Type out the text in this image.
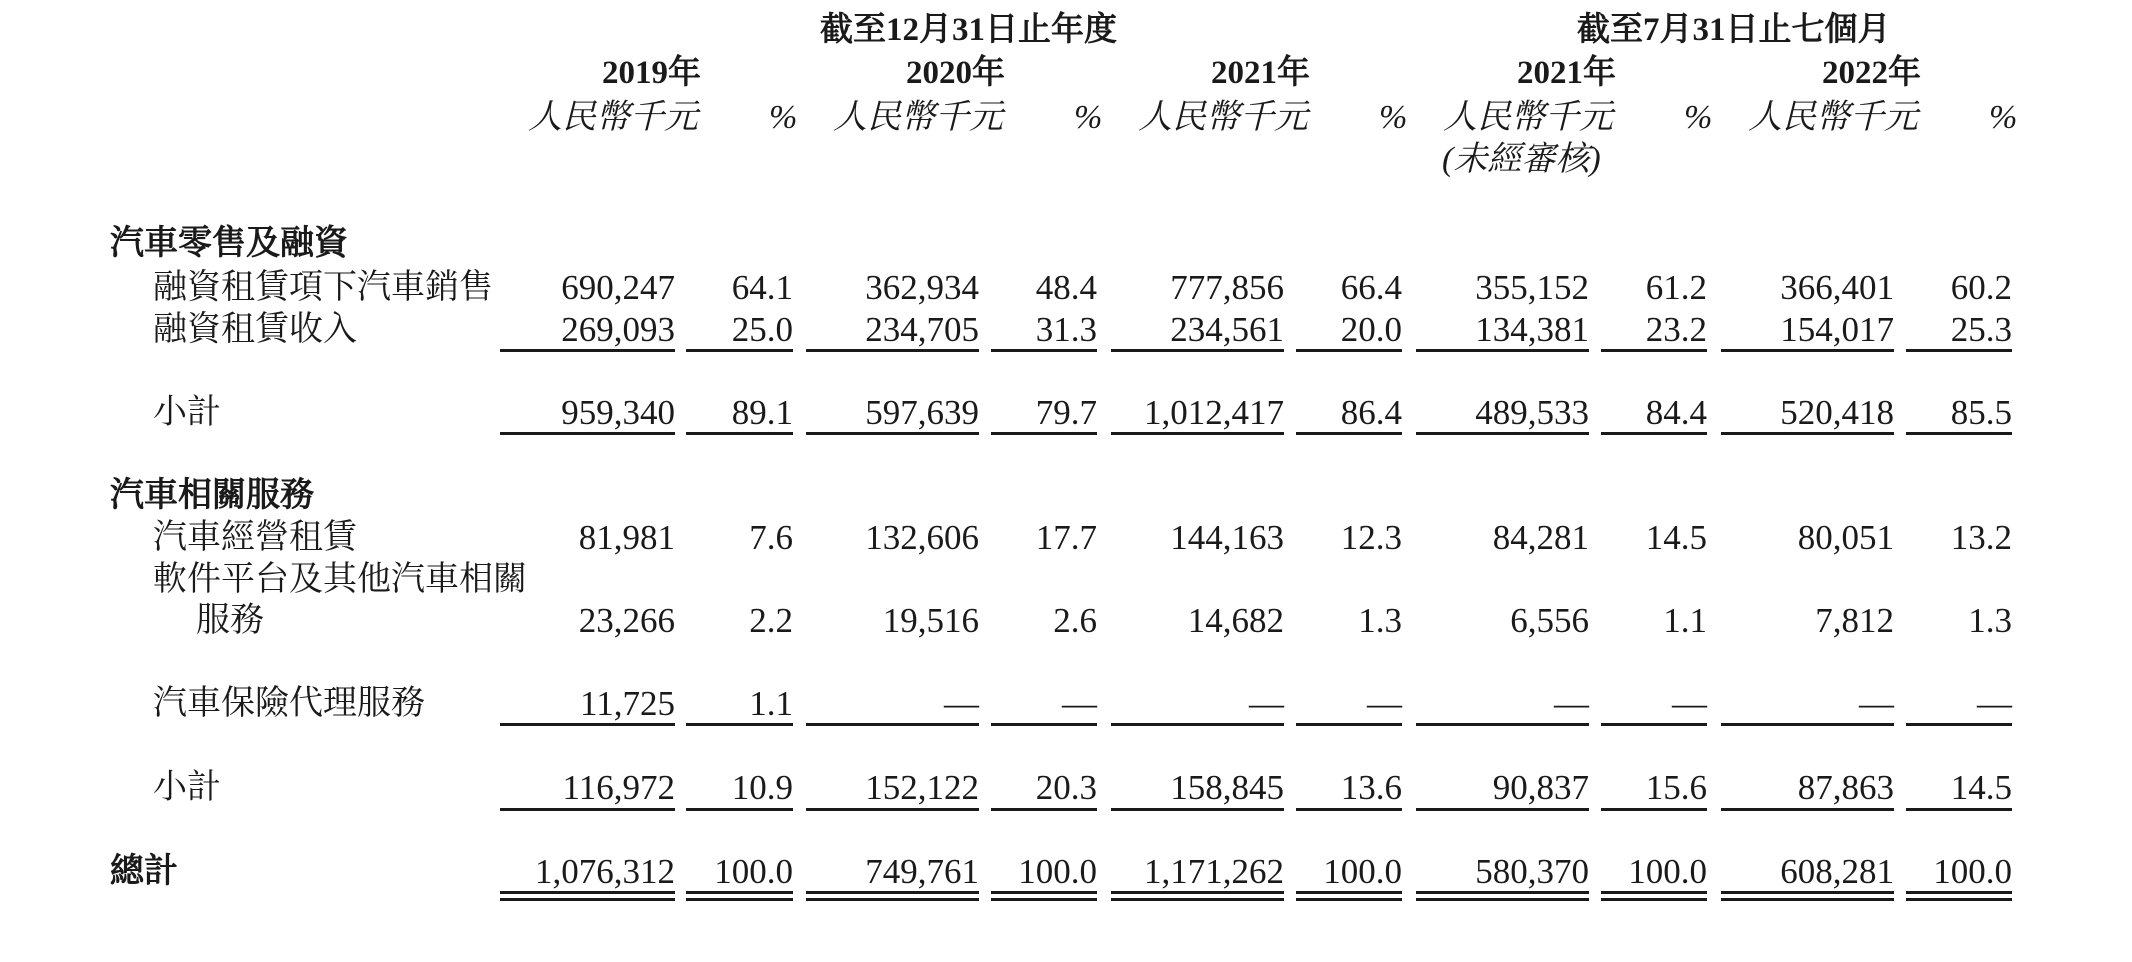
截至12月31日止年度	截至7月31日止七個月
2019年	2020年	2021年	2021年	2022年
人民幣千元 % 人民幣千元 % 人民幣千元 % 人民幣千元 % 人民幣千元 %
(未經審核)
汽車零售及融資
融資租賃項下汽車銷售 690,247 64.1 362,934 48.4 777,856 66.4 355,152 61.2 366,401 60.2
融資租賃收入	269,093 25.0 234,705 31.3 234,561 20.0 134,381 23.2 154,017 25.3
小計	959,340 89.1 597,639 79.7 1,012,417 86.4 489,533 84.4 520,418 85.5
汽車相關服務
汽車經營租賃	81,981 7.6 132,606 17.7 144,163 12.3	84,281 14.5	80,051 13.2
軟件平台及其他汽車相關
服務	23,266 2.2	19,516 2.6	14,682 1.3	6,556 1.1	7,812 1.3
汽車保險代理服務	11,725 1.1	— —	— —	— —	— —
小計	116,972 10.9 152,122 20.3 158,845 13.6	90,837 15.6	87,863 14.5
總計	1,076,312 100.0 749,761 100.0 1,171,262 100.0 580,370 100.0 608,281 100.0
